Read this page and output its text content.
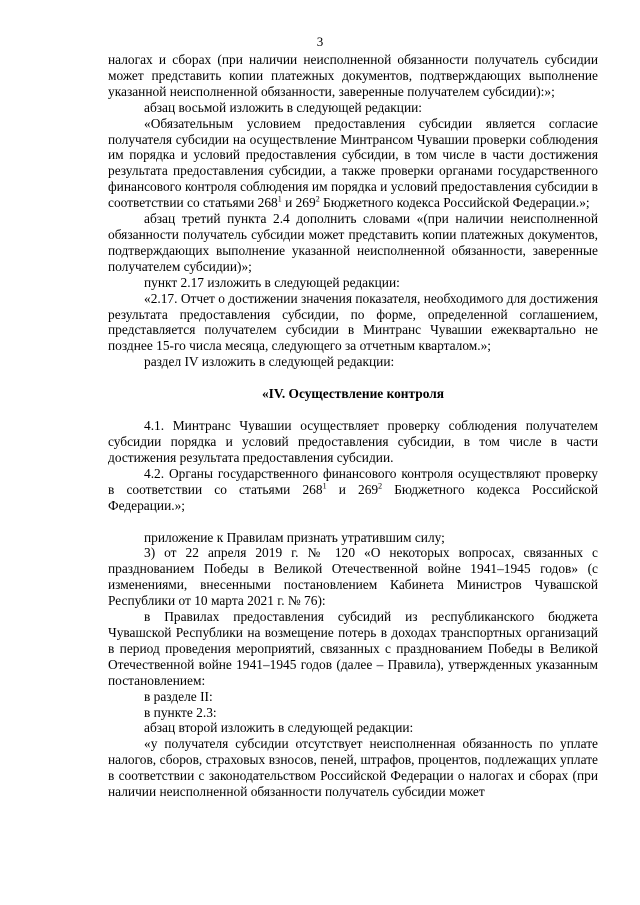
3

налогах и сборах (при наличии неисполненной обязанности получатель субсидии может представить копии платежных документов, подтверждающих выполнение указанной неисполненной обязанности, заверенные получателем субсидии):»;

абзац восьмой изложить в следующей редакции:

«Обязательным условием предоставления субсидии является согласие получателя субсидии на осуществление Минтрансом Чувашии проверки соблюдения им порядка и условий предоставления субсидии, в том числе в части достижения результата предоставления субсидии, а также проверки органами государственного финансового контроля соблюдения им порядка и условий предоставления субсидии в соответствии со статьями $268^1$ и $269^2$ Бюджетного кодекса Российской Федерации.»;

абзац третий пункта 2.4 дополнить словами «(при наличии неисполненной обязанности получатель субсидии может представить копии платежных документов, подтверждающих выполнение указанной неисполненной обязанности, заверенные получателем субсидии)»;

пункт 2.17 изложить в следующей редакции:

«2.17. Отчет о достижении значения показателя, необходимого для достижения результата предоставления субсидии, по форме, определенной соглашением, представляется получателем субсидии в Минтранс Чувашии ежеквартально не позднее 15-го числа месяца, следующего за отчетным кварталом.»;

раздел IV изложить в следующей редакции:

«IV. Осуществление контроля

4.1. Минтранс Чувашии осуществляет проверку соблюдения получателем субсидии порядка и условий предоставления субсидии, в том числе в части достижения результата предоставления субсидии.

4.2. Органы государственного финансового контроля осуществляют проверку в соответствии со статьями $268^1$ и $269^2$ Бюджетного кодекса Российской Федерации.»;

приложение к Правилам признать утратившим силу;

3) от 22 апреля 2019 г. № 120 «О некоторых вопросах, связанных с празднованием Победы в Великой Отечественной войне 1941–1945 годов» (с изменениями, внесенными постановлением Кабинета Министров Чувашской Республики от 10 марта 2021 г. № 76):

в Правилах предоставления субсидий из республиканского бюджета Чувашской Республики на возмещение потерь в доходах транспортных организаций в период проведения мероприятий, связанных с празднованием Победы в Великой Отечественной войне 1941–1945 годов (далее – Правила), утвержденных указанным постановлением:

в разделе II:

в пункте 2.3:

абзац второй изложить в следующей редакции:

«у получателя субсидии отсутствует неисполненная обязанность по уплате налогов, сборов, страховых взносов, пеней, штрафов, процентов, подлежащих уплате в соответствии с законодательством Российской Федерации о налогах и сборах (при наличии неисполненной обязанности получатель субсидии может
